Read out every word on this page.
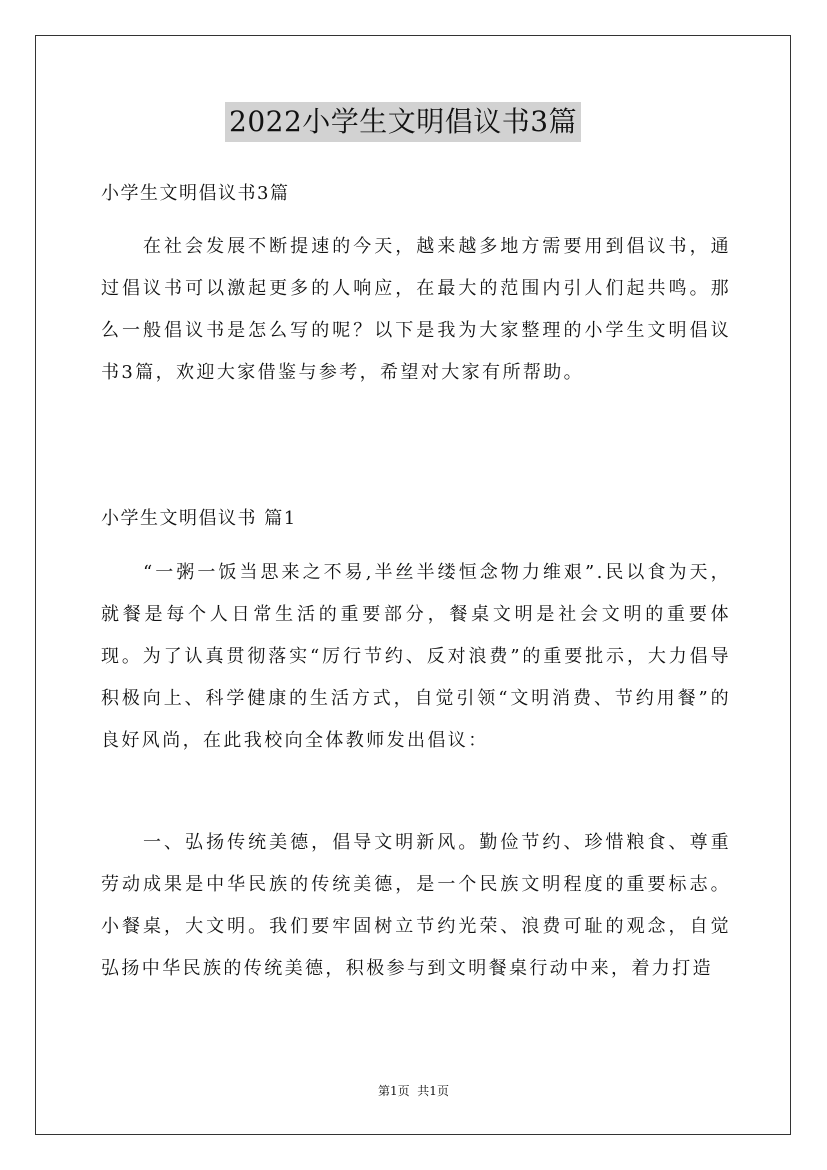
2022小学生文明倡议书3篇

小学生文明倡议书3篇

在社会发展不断提速的今天，越来越多地方需要用到倡议书，通过倡议书可以激起更多的人响应，在最大的范围内引人们起共鸣。那么一般倡议书是怎么写的呢？以下是我为大家整理的小学生文明倡议书3篇，欢迎大家借鉴与参考，希望对大家有所帮助。

小学生文明倡议书 篇1

“一粥一饭当思来之不易,半丝半缕恒念物力维艰”.民以食为天，就餐是每个人日常生活的重要部分，餐桌文明是社会文明的重要体现。为了认真贯彻落实“厉行节约、反对浪费”的重要批示，大力倡导积极向上、科学健康的生活方式，自觉引领“文明消费、节约用餐”的良好风尚，在此我校向全体教师发出倡议：

一、弘扬传统美德，倡导文明新风。勤俭节约、珍惜粮食、尊重劳动成果是中华民族的传统美德，是一个民族文明程度的重要标志。小餐桌，大文明。我们要牢固树立节约光荣、浪费可耻的观念，自觉弘扬中华民族的传统美德，积极参与到文明餐桌行动中来，着力打造

第1页  共1页
